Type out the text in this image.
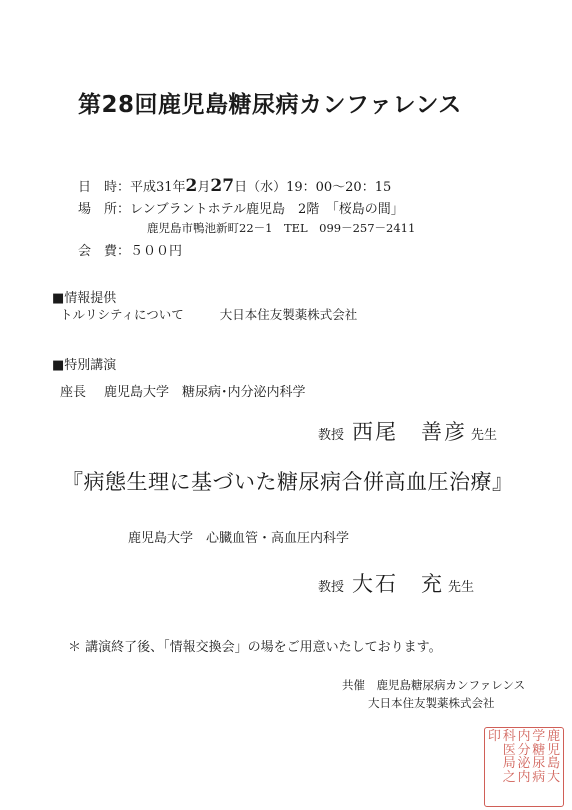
第28回鹿児島糖尿病カンファレンス
日　時：平成31年2月27日（水）19：00〜20：15
場　所：レンブラントホテル鹿児島　2階　「桜島の間」
鹿児島市鴨池新町22－1　TEL　099－257－2411
会　費：５００円
■情報提供
トルリシティについて	大日本住友製薬株式会社
■特別講演
座長 鹿児島大学　糖尿病･内分泌内科学
教授 西尾　善彦 先生
『病態生理に基づいた糖尿病合併高血圧治療』
鹿児島大学　心臓血管・高血圧内科学
教授 大石　充 先生
＊ 講演終了後、「情報交換会」の場をご用意いたしております。
共催　鹿児島糖尿病カンファレンス
大日本住友製薬株式会社
鹿
児
島
大
学
糖
尿
病
内
分
泌
内
科
医
局
之
印
